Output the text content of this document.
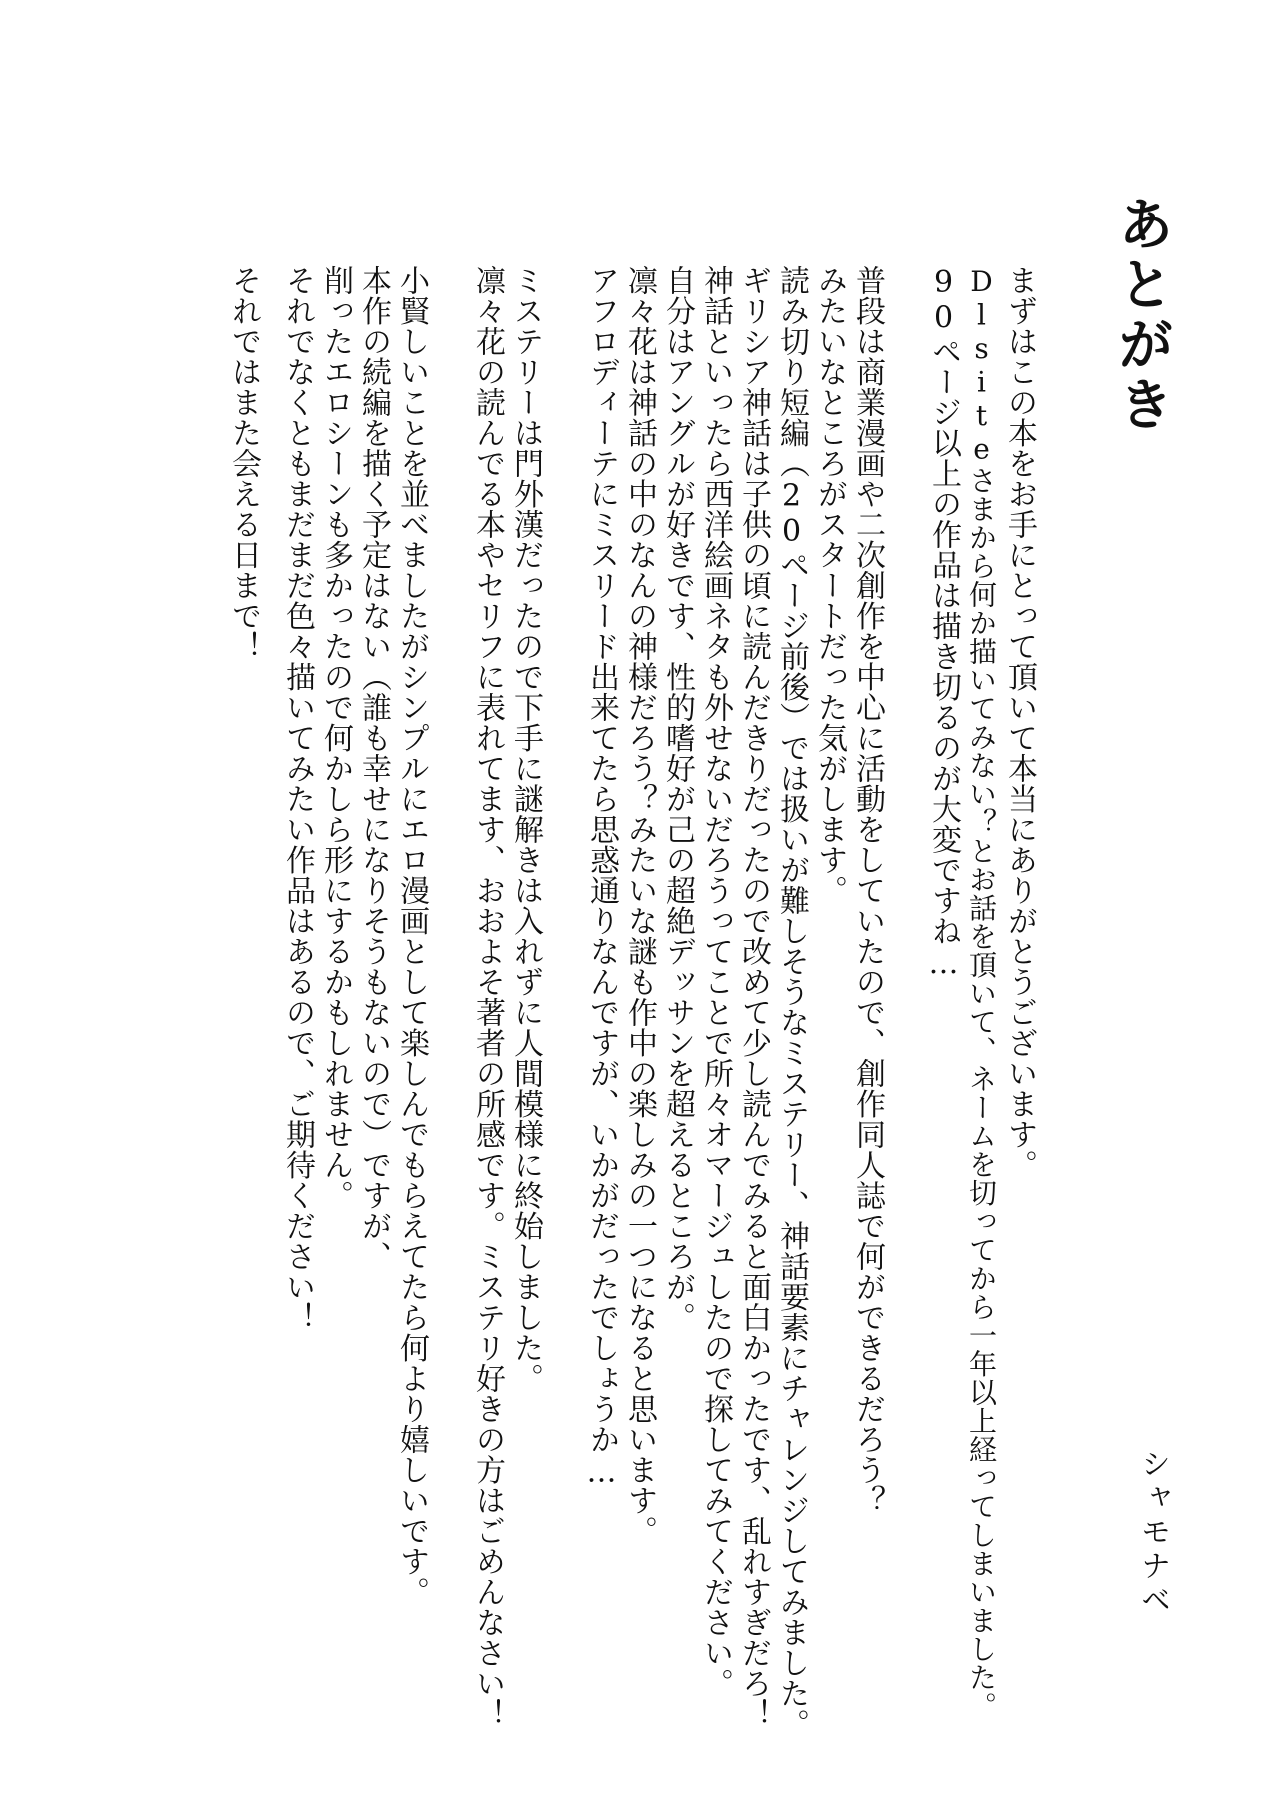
あとがき

まずはこの本をお手にとって頂いて本当にありがとうございます。

Dlsiteさまから何か描いてみない？とお話を頂いて、ネームを切ってから一年以上経ってしまいました。

90ページ以上の作品は描き切るのが大変ですね…

普段は商業漫画や二次創作を中心に活動をしていたので、創作同人誌で何ができるだろう？

みたいなところがスタートだった気がします。

読み切り短編（20ページ前後）では扱いが難しそうなミステリー、神話要素にチャレンジしてみました。

ギリシア神話は子供の頃に読んだきりだったので改めて少し読んでみると面白かったです、乱れすぎだろ！

神話といったら西洋絵画ネタも外せないだろうってことで所々オマージュしたので探してみてください。

自分はアングルが好きです、性的嗜好が己の超絶デッサンを超えるところが。

凛々花は神話の中のなんの神様だろう？みたいな謎も作中の楽しみの一つになると思います。

アフロディーテにミスリード出来てたら思惑通りなんですが、いかがだったでしょうか…

ミステリーは門外漢だったので下手に謎解きは入れずに人間模様に終始しました。

凛々花の読んでる本やセリフに表れてます、おおよそ著者の所感です。ミステリ好きの方はごめんなさい！

小賢しいことを並べましたがシンプルにエロ漫画として楽しんでもらえてたら何より嬉しいです。

本作の続編を描く予定はない（誰も幸せになりそうもないので）ですが、

削ったエロシーンも多かったので何かしら形にするかもしれません。

それでなくともまだまだ色々描いてみたい作品はあるので、ご期待ください！

それではまた会える日まで！

シャモナベ
